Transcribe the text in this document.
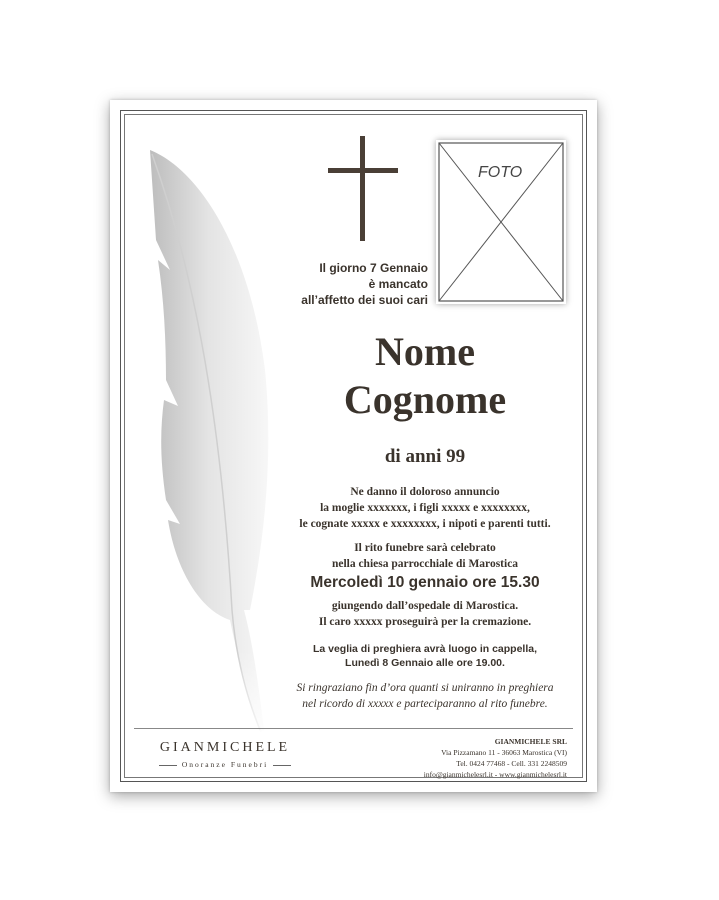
FOTO
Il giorno 7 Gennaio
è mancato
all’affetto dei suoi cari
Nome
Cognome
di anni 99
Ne danno il doloroso annuncio
la moglie xxxxxxx, i figli xxxxx e xxxxxxxx,
le cognate xxxxx e xxxxxxxx, i nipoti e parenti tutti.
Il rito funebre sarà celebrato
nella chiesa parrocchiale di Marostica
Mercoledì 10 gennaio ore 15.30
giungendo dall’ospedale di Marostica.
Il caro xxxxx proseguirà per la cremazione.
La veglia di preghiera avrà luogo in cappella,
Lunedì 8 Gennaio alle ore 19.00.
Si ringraziano fin d’ora quanti si uniranno in preghiera
nel ricordo di xxxxx e parteciparanno al rito funebre.
GIANMICHELE
Onoranze Funebri
GIANMICHELE SRL
Via Pizzamano 11 - 36063 Marostica (VI)
Tel. 0424 77468 - Cell. 331 2248509
info@gianmichelesrl.it - www.gianmichelesrl.it
